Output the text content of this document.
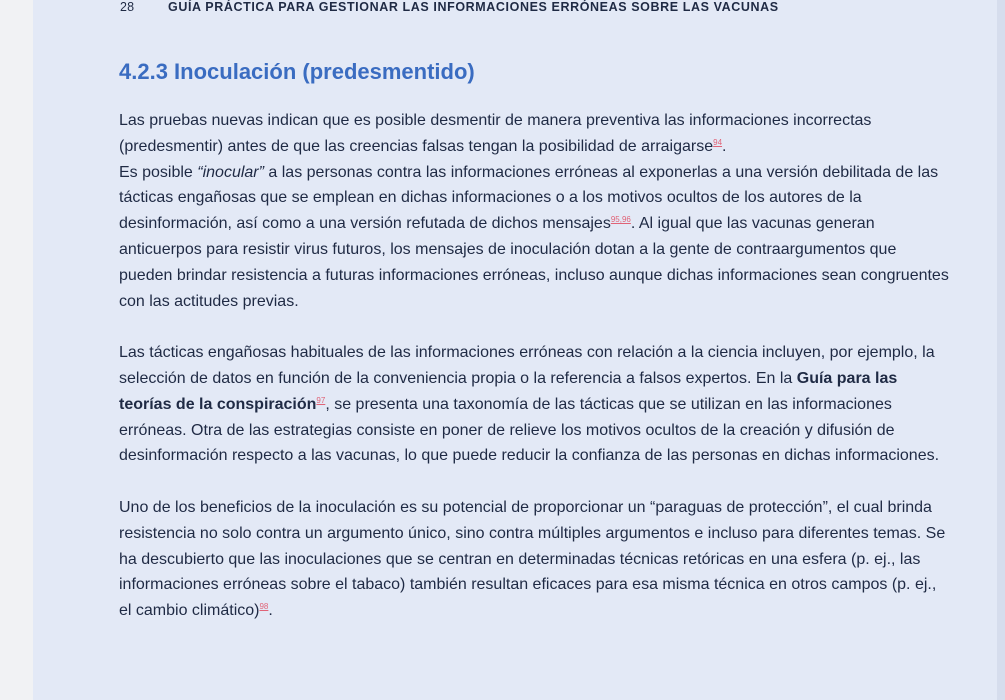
28	GUÍA PRÁCTICA PARA GESTIONAR LAS INFORMACIONES ERRÓNEAS SOBRE LAS VACUNAS
4.2.3 Inoculación (predesmentido)

Las pruebas nuevas indican que es posible desmentir de manera preventiva las informaciones incorrectas (predesmentir) antes de que las creencias falsas tengan la posibilidad de arraigarse$^{94}$.
Es posible “inocular” a las personas contra las informaciones erróneas al exponerlas a una versión debilitada de las tácticas engañosas que se emplean en dichas informaciones o a los motivos ocultos de los autores de la desinformación, así como a una versión refutada de dichos mensajes$^{95,96}$. Al igual que las vacunas generan anticuerpos para resistir virus futuros, los mensajes de inoculación dotan a la gente de contraargumentos que pueden brindar resistencia a futuras informaciones erróneas, incluso aunque dichas informaciones sean congruentes con las actitudes previas.

Las tácticas engañosas habituales de las informaciones erróneas con relación a la ciencia incluyen, por ejemplo, la selección de datos en función de la conveniencia propia o la referencia a falsos expertos. En la Guía para las teorías de la conspiración$^{97}$, se presenta una taxonomía de las tácticas que se utilizan en las informaciones erróneas. Otra de las estrategias consiste en poner de relieve los motivos ocultos de la creación y difusión de desinformación respecto a las vacunas, lo que puede reducir la confianza de las personas en dichas informaciones.

Uno de los beneficios de la inoculación es su potencial de proporcionar un “paraguas de protección”, el cual brinda resistencia no solo contra un argumento único, sino contra múltiples argumentos e incluso para diferentes temas. Se ha descubierto que las inoculaciones que se centran en determinadas técnicas retóricas en una esfera (p. ej., las informaciones erróneas sobre el tabaco) también resultan eficaces para esa misma técnica en otros campos (p. ej., el cambio climático)$^{98}$.
